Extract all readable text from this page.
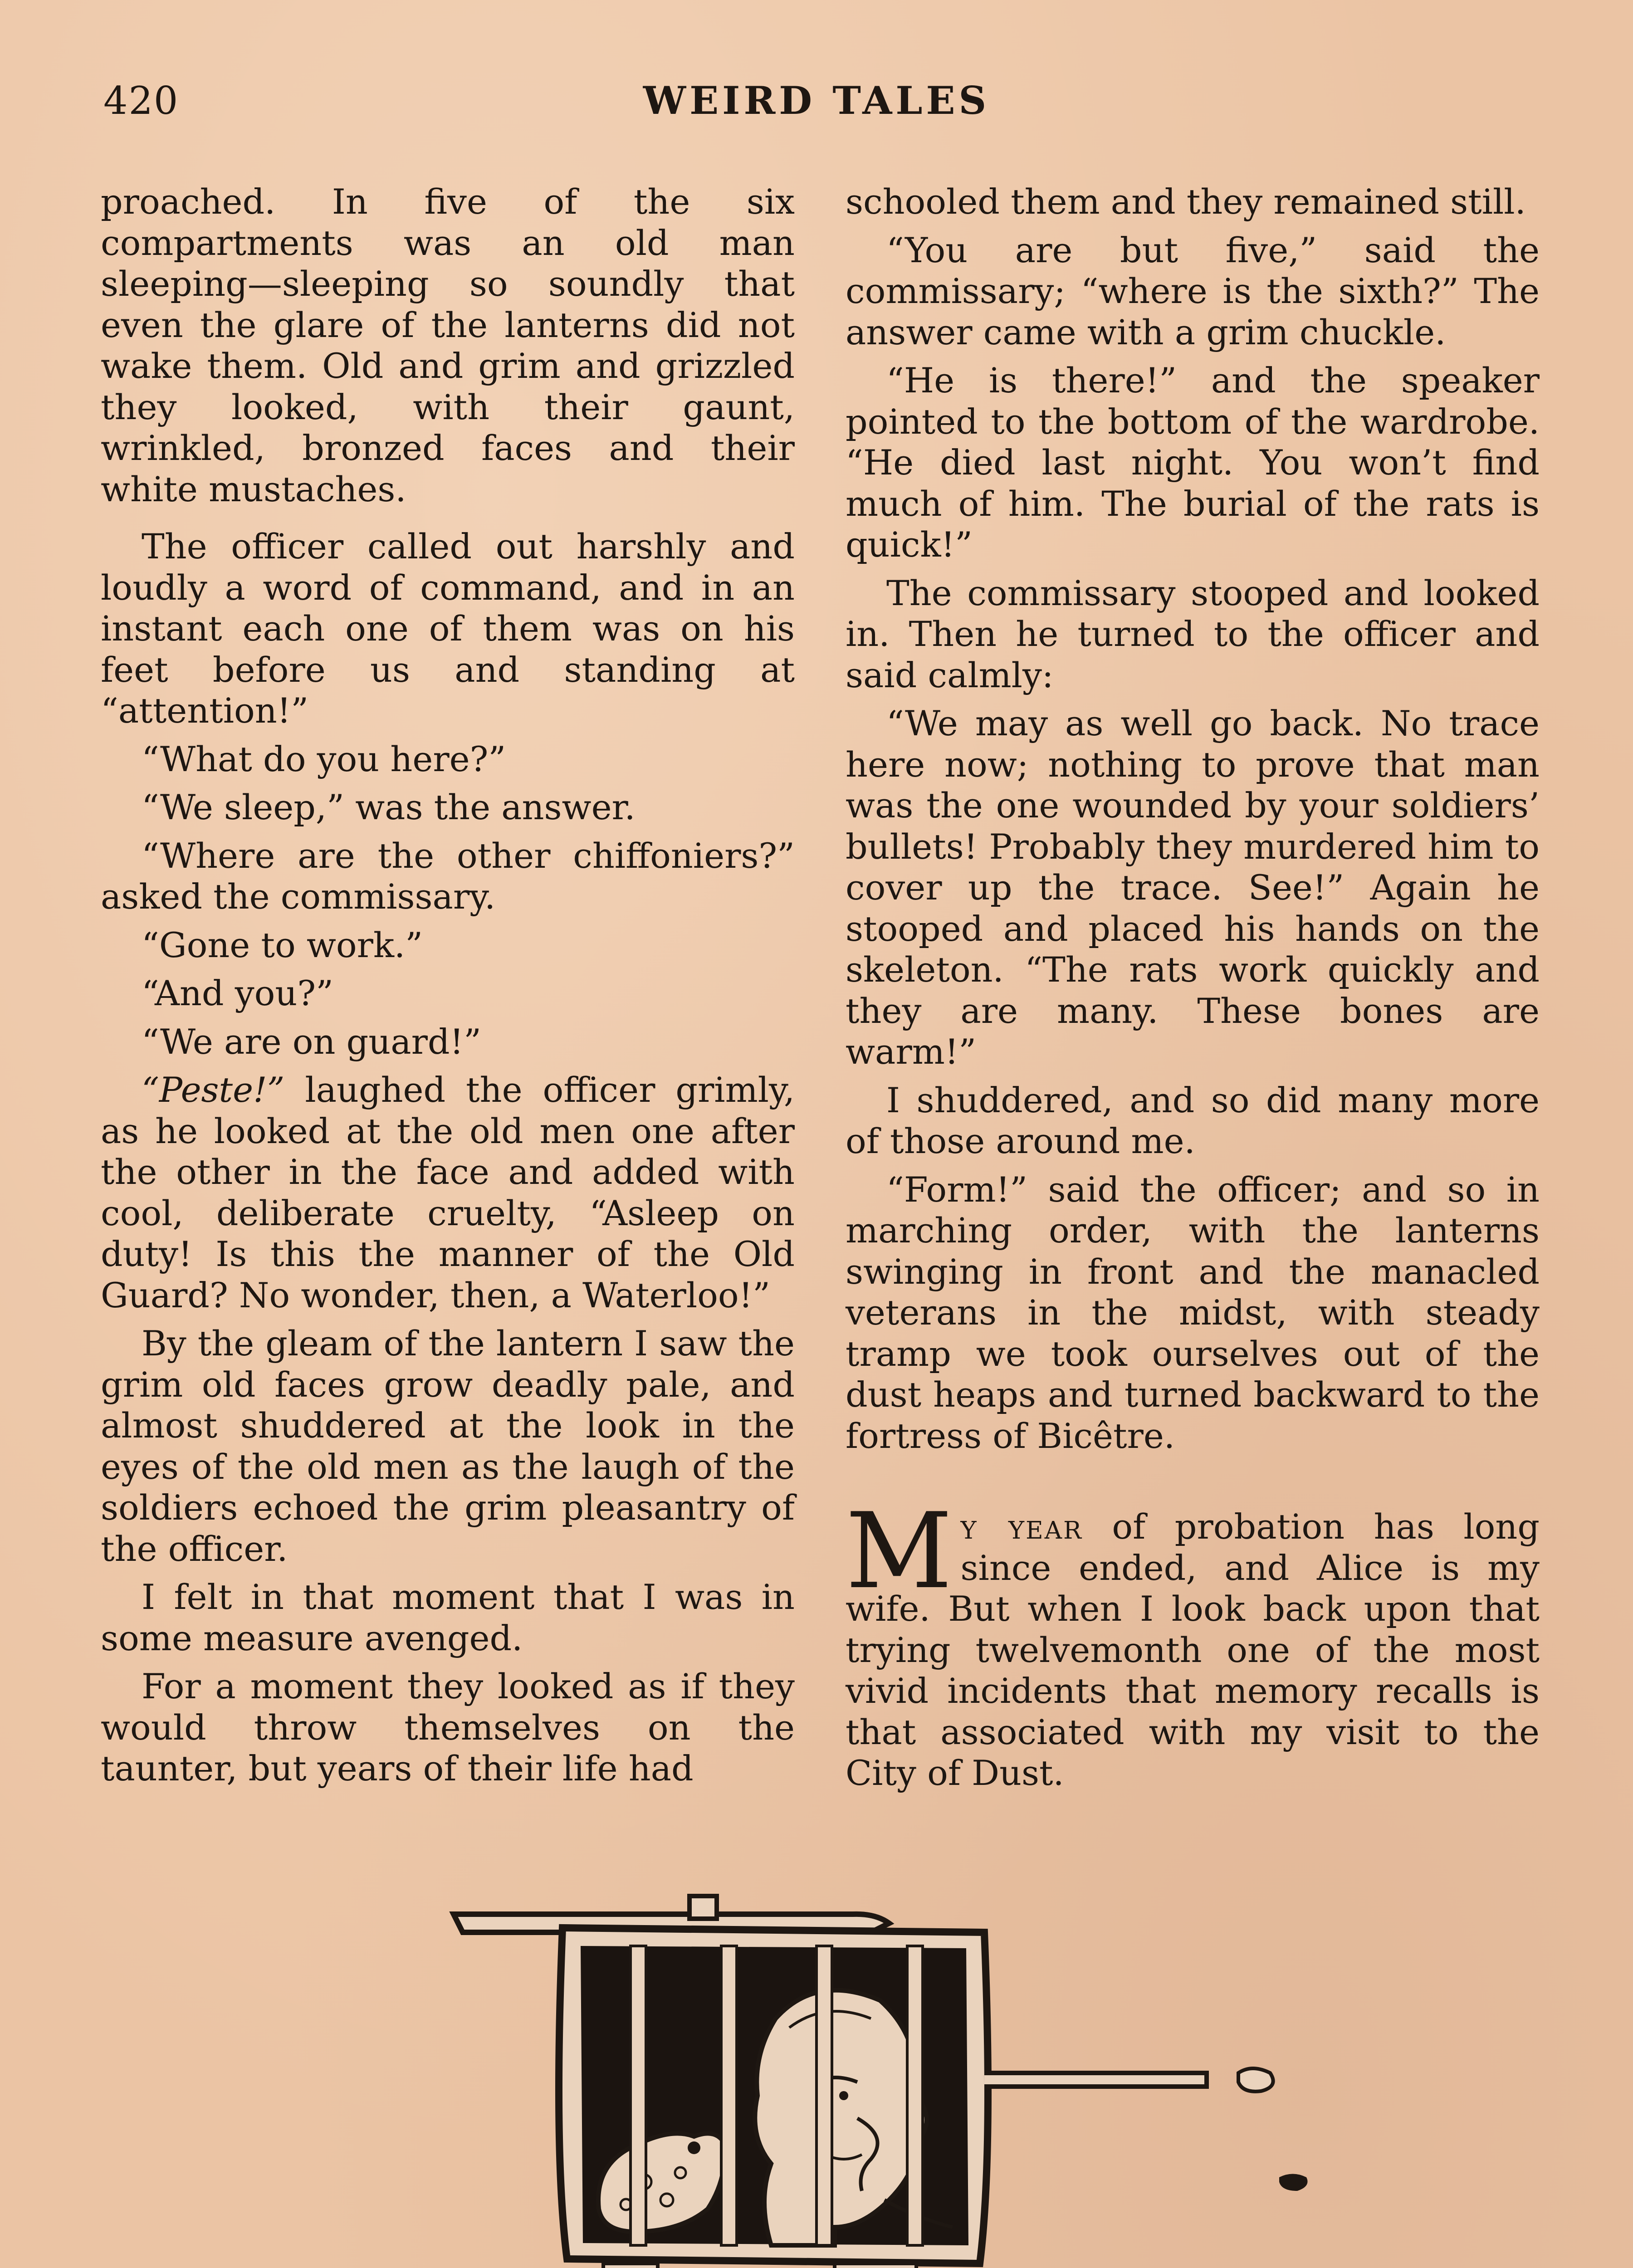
420	WEIRD TALES

proached. In five of the six compartments was an old man sleeping—sleeping so soundly that even the glare of the lanterns did not wake them. Old and grim and grizzled they looked, with their gaunt, wrinkled, bronzed faces and their white mustaches.

The officer called out harshly and loudly a word of command, and in an instant each one of them was on his feet before us and standing at “attention!”

“What do you here?”

“We sleep,” was the answer.

“Where are the other chiffoniers?” asked the commissary.

“Gone to work.”

“And you?”

“We are on guard!”

“Peste!” laughed the officer grimly, as he looked at the old men one after the other in the face and added with cool, deliberate cruelty, “Asleep on duty! Is this the manner of the Old Guard? No wonder, then, a Waterloo!”

By the gleam of the lantern I saw the grim old faces grow deadly pale, and almost shuddered at the look in the eyes of the old men as the laugh of the soldiers echoed the grim pleasantry of the officer.

I felt in that moment that I was in some measure avenged.

For a moment they looked as if they would throw themselves on the taunter, but years of their life had

schooled them and they remained still.

“You are but five,” said the commissary; “where is the sixth?” The answer came with a grim chuckle.

“He is there!” and the speaker pointed to the bottom of the wardrobe. “He died last night. You won’t find much of him. The burial of the rats is quick!”

The commissary stooped and looked in. Then he turned to the officer and said calmly:

“We may as well go back. No trace here now; nothing to prove that man was the one wounded by your soldiers’ bullets! Probably they murdered him to cover up the trace. See!” Again he stooped and placed his hands on the skeleton. “The rats work quickly and they are many. These bones are warm!”

I shuddered, and so did many more of those around me.

“Form!” said the officer; and so in marching order, with the lanterns swinging in front and the manacled veterans in the midst, with steady tramp we took ourselves out of the dust heaps and turned backward to the fortress of Bicêtre.

My year of probation has long since ended, and Alice is my wife. But when I look back upon that trying twelvemonth one of the most vivid incidents that memory recalls is that associated with my visit to the City of Dust.
